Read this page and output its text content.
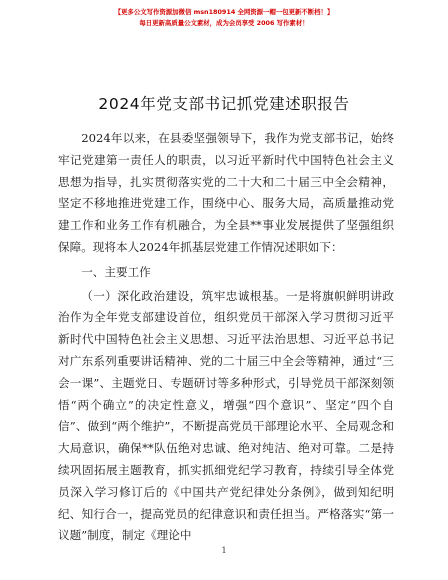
【更多公文写作资源加微信 msn180914 全网资源一帽一包更新不断档！】
每日更新高质量公文素材，成为会员享受 2006 写作素材！
2024年党支部书记抓党建述职报告

2024年以来，在县委坚强领导下，我作为党支部书记，始终牢记党建第一责任人的职责，以习近平新时代中国特色社会主义思想为指导，扎实贯彻落实党的二十大和二十届三中全会精神，坚定不移地推进党建工作，围绕中心、服务大局，高质量推动党建工作和业务工作有机融合，为全县**事业发展提供了坚强组织保障。现将本人2024年抓基层党建工作情况述职如下：

一、主要工作

（一）深化政治建设，筑牢忠诚根基。一是将旗帜鲜明讲政治作为全年党支部建设首位，组织党员干部深入学习贯彻习近平新时代中国特色社会主义思想、习近平法治思想、习近平总书记对广东系列重要讲话精神、党的二十届三中全会等精神，通过“三会一课”、主题党日、专题研讨等多种形式，引导党员干部深刻领悟“两个确立”的决定性意义，增强“四个意识”、坚定“四个自信”、做到“两个维护”，不断提高党员干部理论水平、全局观念和大局意识，确保**队伍绝对忠诚、绝对纯洁、绝对可靠。二是持续巩固拓展主题教育，抓实抓细党纪学习教育，持续引导全体党员深入学习修订后的《中国共产党纪律处分条例》，做到知纪明纪、知行合一，提高党员的纪律意识和责任担当。严格落实“第一议题”制度，制定《理论中

1
